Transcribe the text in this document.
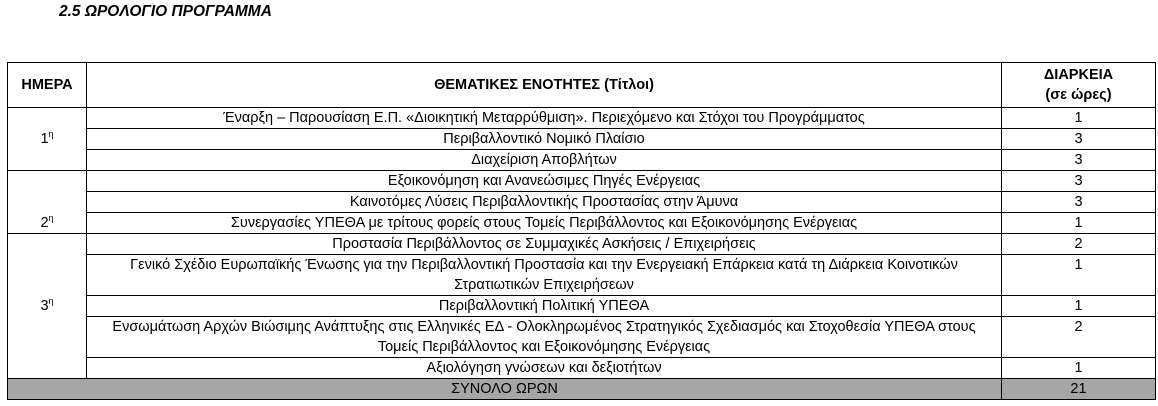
2.5 ΩΡΟΛΟΓΙΟ ΠΡΟΓΡΑΜΜΑ
ΗΜΕΡΑ	ΘΕΜΑΤΙΚΕΣ ΕΝΟΤΗΤΕΣ (Τίτλοι)	ΔΙΑΡΚΕΙΑ
(σε ώρες)

$1^\eta$	Έναρξη – Παρουσίαση Ε.Π. «Διοικητική Μεταρρύθμιση». Περιεχόμενο και Στόχοι του Προγράμματος	1
	Περιβαλλοντικό Νομικό Πλαίσιο	3
	Διαχείριση Αποβλήτων	3
$2^\eta$	Εξοικονόμηση και Ανανεώσιμες Πηγές Ενέργειας	3
	Καινοτόμες Λύσεις Περιβαλλοντικής Προστασίας στην Άμυνα	3
	Συνεργασίες ΥΠΕΘΑ με τρίτους φορείς στους Τομείς Περιβάλλοντος και Εξοικονόμησης Ενέργειας	1
$3^\eta$	Προστασία Περιβάλλοντος σε Συμμαχικές Ασκήσεις / Επιχειρήσεις	2
	Γενικό Σχέδιο Ευρωπαϊκής Ένωσης για την Περιβαλλοντική Προστασία και την Ενεργειακή Επάρκεια κατά τη Διάρκεια Κοινοτικών Στρατιωτικών Επιχειρήσεων	1
	Περιβαλλοντική Πολιτική ΥΠΕΘΑ	1
	Ενσωμάτωση Αρχών Βιώσιμης Ανάπτυξης στις Ελληνικές ΕΔ - Ολοκληρωμένος Στρατηγικός Σχεδιασμός και Στοχοθεσία ΥΠΕΘΑ στους Τομείς Περιβάλλοντος και Εξοικονόμησης Ενέργειας	2
	Αξιολόγηση γνώσεων και δεξιοτήτων	1
ΣΥΝΟΛΟ ΩΡΩΝ		21
